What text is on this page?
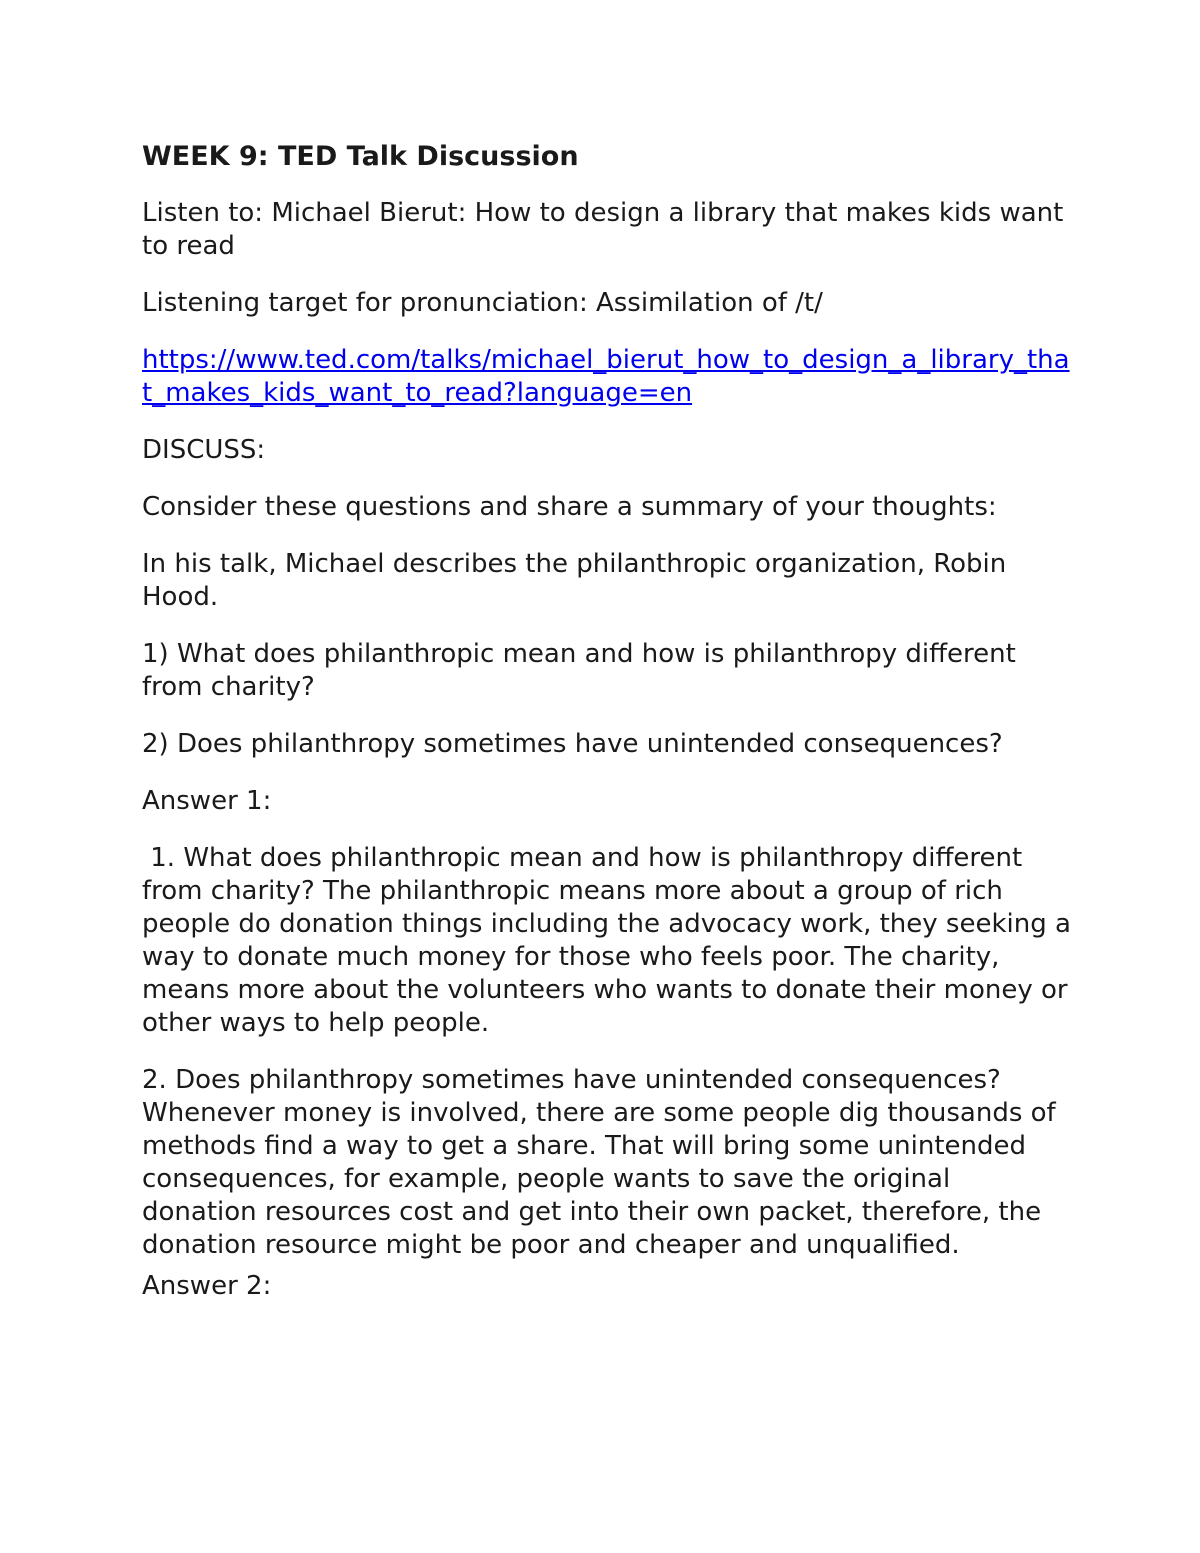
WEEK 9: TED Talk Discussion

Listen to: Michael Bierut: How to design a library that makes kids want to read

Listening target for pronunciation: Assimilation of /t/

https://www.ted.com/talks/michael_bierut_how_to_design_a_library_that_makes_kids_want_to_read?language=en

DISCUSS:

Consider these questions and share a summary of your thoughts:

In his talk, Michael describes the philanthropic organization, Robin Hood.

1) What does philanthropic mean and how is philanthropy different from charity?

2) Does philanthropy sometimes have unintended consequences?

Answer 1:

1. What does philanthropic mean and how is philanthropy different from charity? The philanthropic means more about a group of rich people do donation things including the advocacy work, they seeking a way to donate much money for those who feels poor. The charity, means more about the volunteers who wants to donate their money or other ways to help people.

2. Does philanthropy sometimes have unintended consequences? Whenever money is involved, there are some people dig thousands of methods find a way to get a share. That will bring some unintended consequences, for example, people wants to save the original donation resources cost and get into their own packet, therefore, the donation resource might be poor and cheaper and unqualified.

Answer 2:
